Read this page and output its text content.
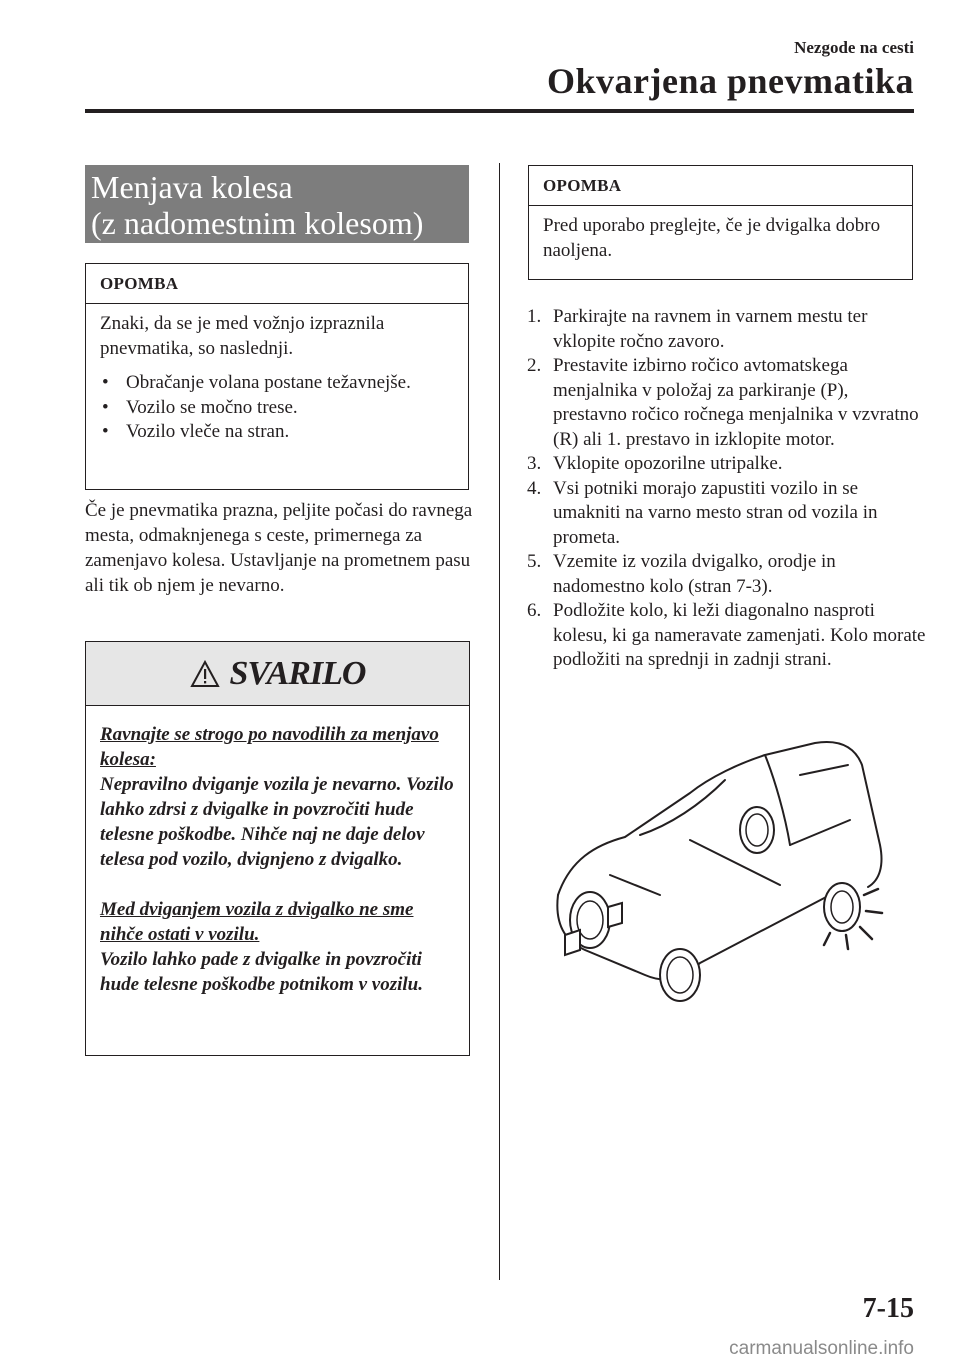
Nezgode na cesti
Okvarjena pnevmatika
Menjava kolesa
(z nadomestnim kolesom)
OPOMBA
Znaki, da se je med vožnjo izpraznila pnevmatika, so naslednji.
• Obračanje volana postane težavnejše.
• Vozilo se močno trese.
• Vozilo vleče na stran.
Če je pnevmatika prazna, peljite počasi do ravnega mesta, odmaknjenega s ceste, primernega za zamenjavo kolesa. Ustavljanje na prometnem pasu ali tik ob njem je nevarno.
SVARILO
Ravnajte se strogo po navodilih za menjavo kolesa:
Nepravilno dviganje vozila je nevarno. Vozilo lahko zdrsi z dvigalke in povzročiti hude telesne poškodbe. Nihče naj ne daje delov telesa pod vozilo, dvignjeno z dvigalko.
Med dviganjem vozila z dvigalko ne sme nihče ostati v vozilu.
Vozilo lahko pade z dvigalke in povzročiti hude telesne poškodbe potnikom v vozilu.
OPOMBA
Pred uporabo preglejte, če je dvigalka dobro naoljena.
1. Parkirajte na ravnem in varnem mestu ter vklopite ročno zavoro.
2. Prestavite izbirno ročico avtomatskega menjalnika v položaj za parkiranje (P), prestavno ročico ročnega menjalnika v vzvratno (R) ali 1. prestavo in izklopite motor.
3. Vklopite opozorilne utripalke.
4. Vsi potniki morajo zapustiti vozilo in se umakniti na varno mesto stran od vozila in prometa.
5. Vzemite iz vozila dvigalko, orodje in nadomestno kolo (stran 7-3).
6. Podložite kolo, ki leži diagonalno nasproti kolesu, ki ga nameravate zamenjati. Kolo morate podložiti na sprednji in zadnji strani.
7-15
carmanualsonline.info
